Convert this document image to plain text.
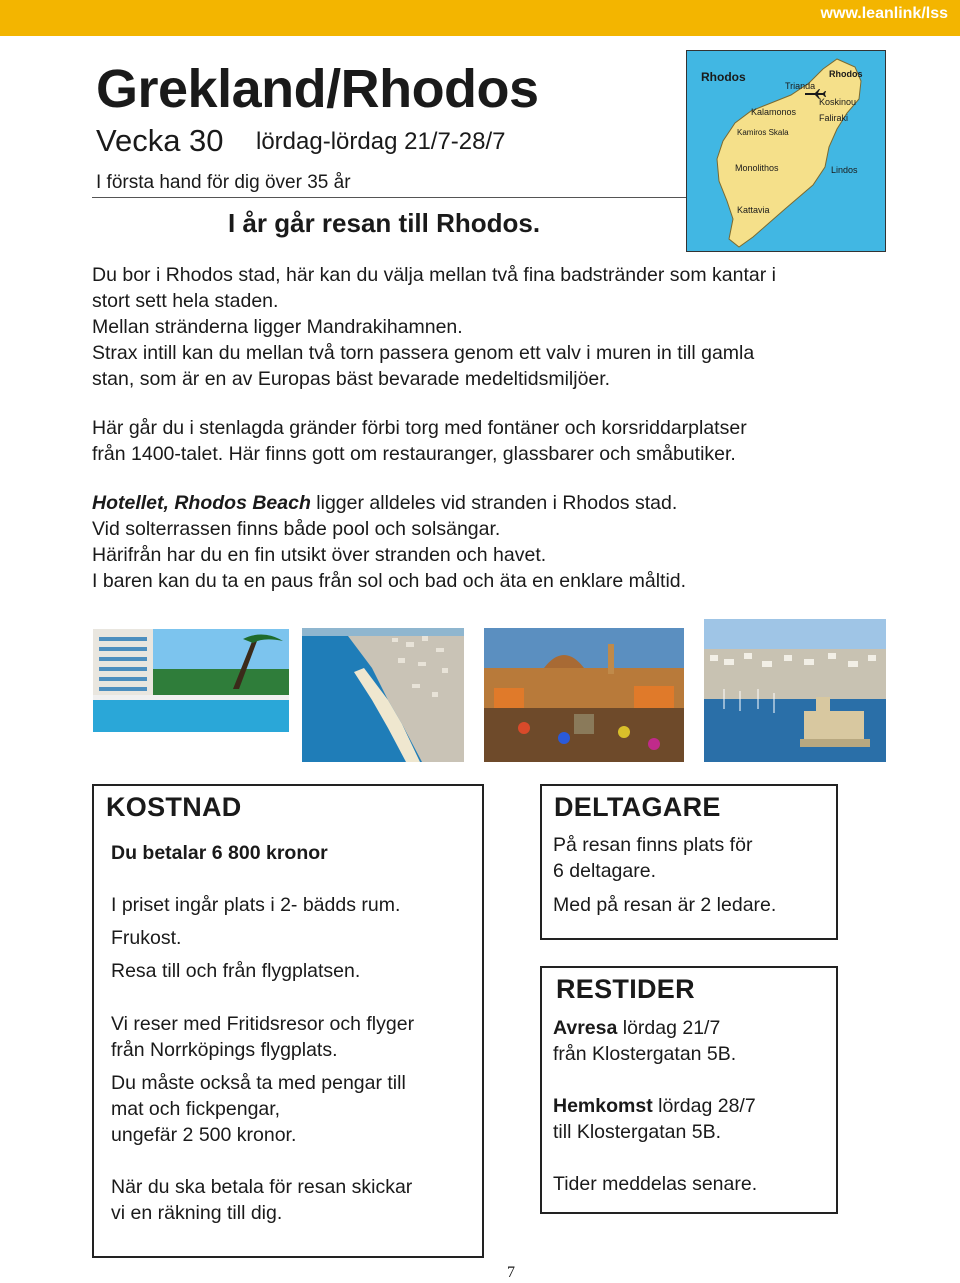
www.leanlink/lss
Grekland/Rhodos
Vecka 30 lördag-lördag 21/7-28/7
I första hand för dig över 35 år
I år går resan till Rhodos.
Rhodos
Trianda
Rhodos
Koskinou
Kalamonos
Faliraki
Kamiros Skala
Monolithos	Lindos
Kattavia
Du bor i Rhodos stad, här kan du välja mellan två fina badstränder som kantar i
stort sett hela staden.
Mellan stränderna ligger Mandrakihamnen.
Strax intill kan du mellan två torn passera genom ett valv i muren in till gamla
stan, som är en av Europas bäst bevarade medeltidsmiljöer.
Här går du i stenlagda gränder förbi torg med fontäner och korsriddarplatser
från 1400-talet. Här finns gott om restauranger, glassbarer och småbutiker.
Hotellet, Rhodos Beach ligger alldeles vid stranden i Rhodos stad.
Vid solterrassen finns både pool och solsängar.
Härifrån har du en fin utsikt över stranden och havet.
I baren kan du ta en paus från sol och bad och äta en enklare måltid.
KOSTNAD
Du betalar 6 800 kronor
I priset ingår plats i 2- bädds rum.
Frukost.
Resa till och från flygplatsen.
Vi reser med Fritidsresor och flyger
från Norrköpings flygplats.
Du måste också ta med pengar till
mat och fickpengar,
ungefär 2 500 kronor.
När du ska betala för resan skickar
vi en räkning till dig.
DELTAGARE
På resan finns plats för
6 deltagare.
Med på resan är 2 ledare.
RESTIDER
Avresa lördag 21/7
från Klostergatan 5B.
Hemkomst lördag 28/7
till Klostergatan 5B.
Tider meddelas senare.
7
